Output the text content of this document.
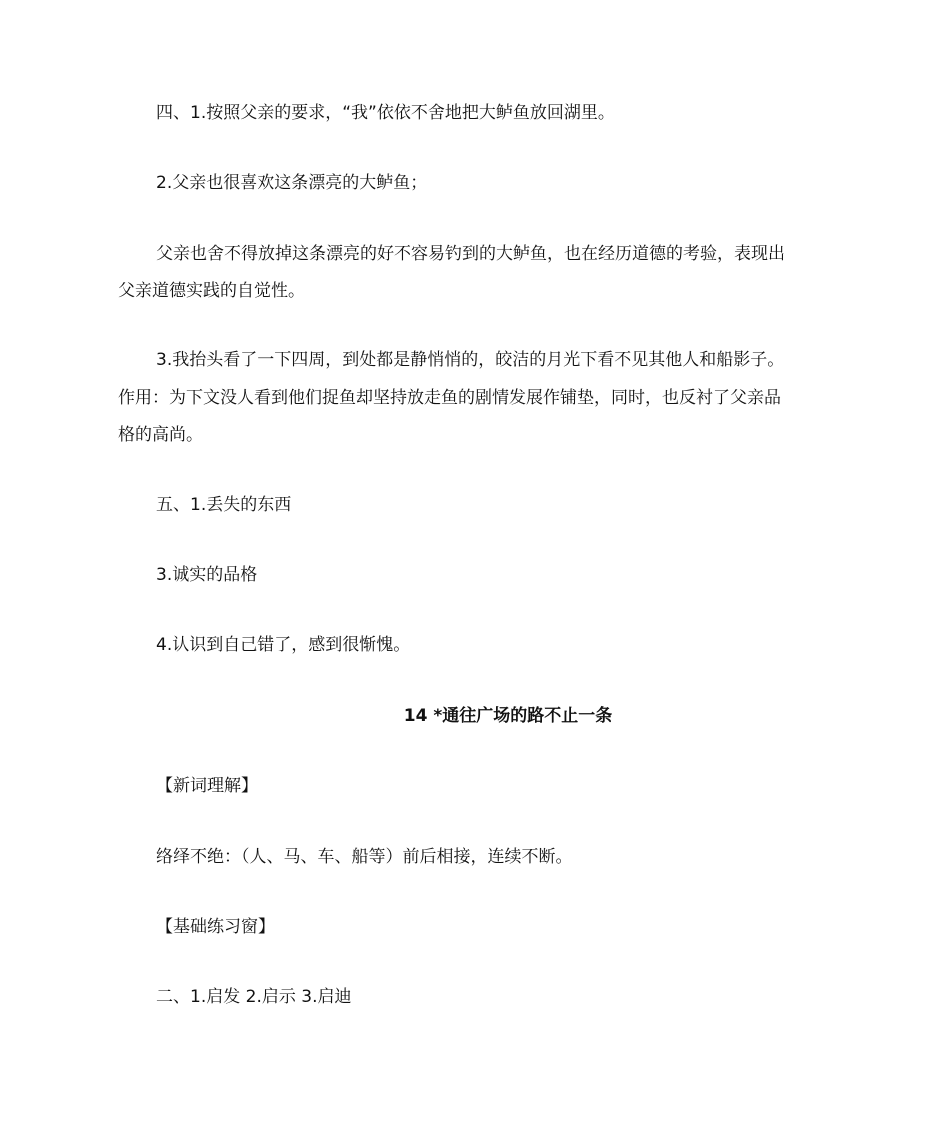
四、1.按照父亲的要求，“我”依依不舍地把大鲈鱼放回湖里。
2.父亲也很喜欢这条漂亮的大鲈鱼；
父亲也舍不得放掉这条漂亮的好不容易钓到的大鲈鱼，也在经历道德的考验，表现出
父亲道德实践的自觉性。
3.我抬头看了一下四周，到处都是静悄悄的，皎洁的月光下看不见其他人和船影子。
作用：为下文没人看到他们捉鱼却坚持放走鱼的剧情发展作铺垫，同时，也反衬了父亲品
格的高尚。
五、1.丢失的东西
3.诚实的品格
4.认识到自己错了，感到很惭愧。
14 *通往广场的路不止一条
【新词理解】
络绎不绝：（人、马、车、船等）前后相接，连续不断。
【基础练习窗】
二、1.启发 2.启示 3.启迪
